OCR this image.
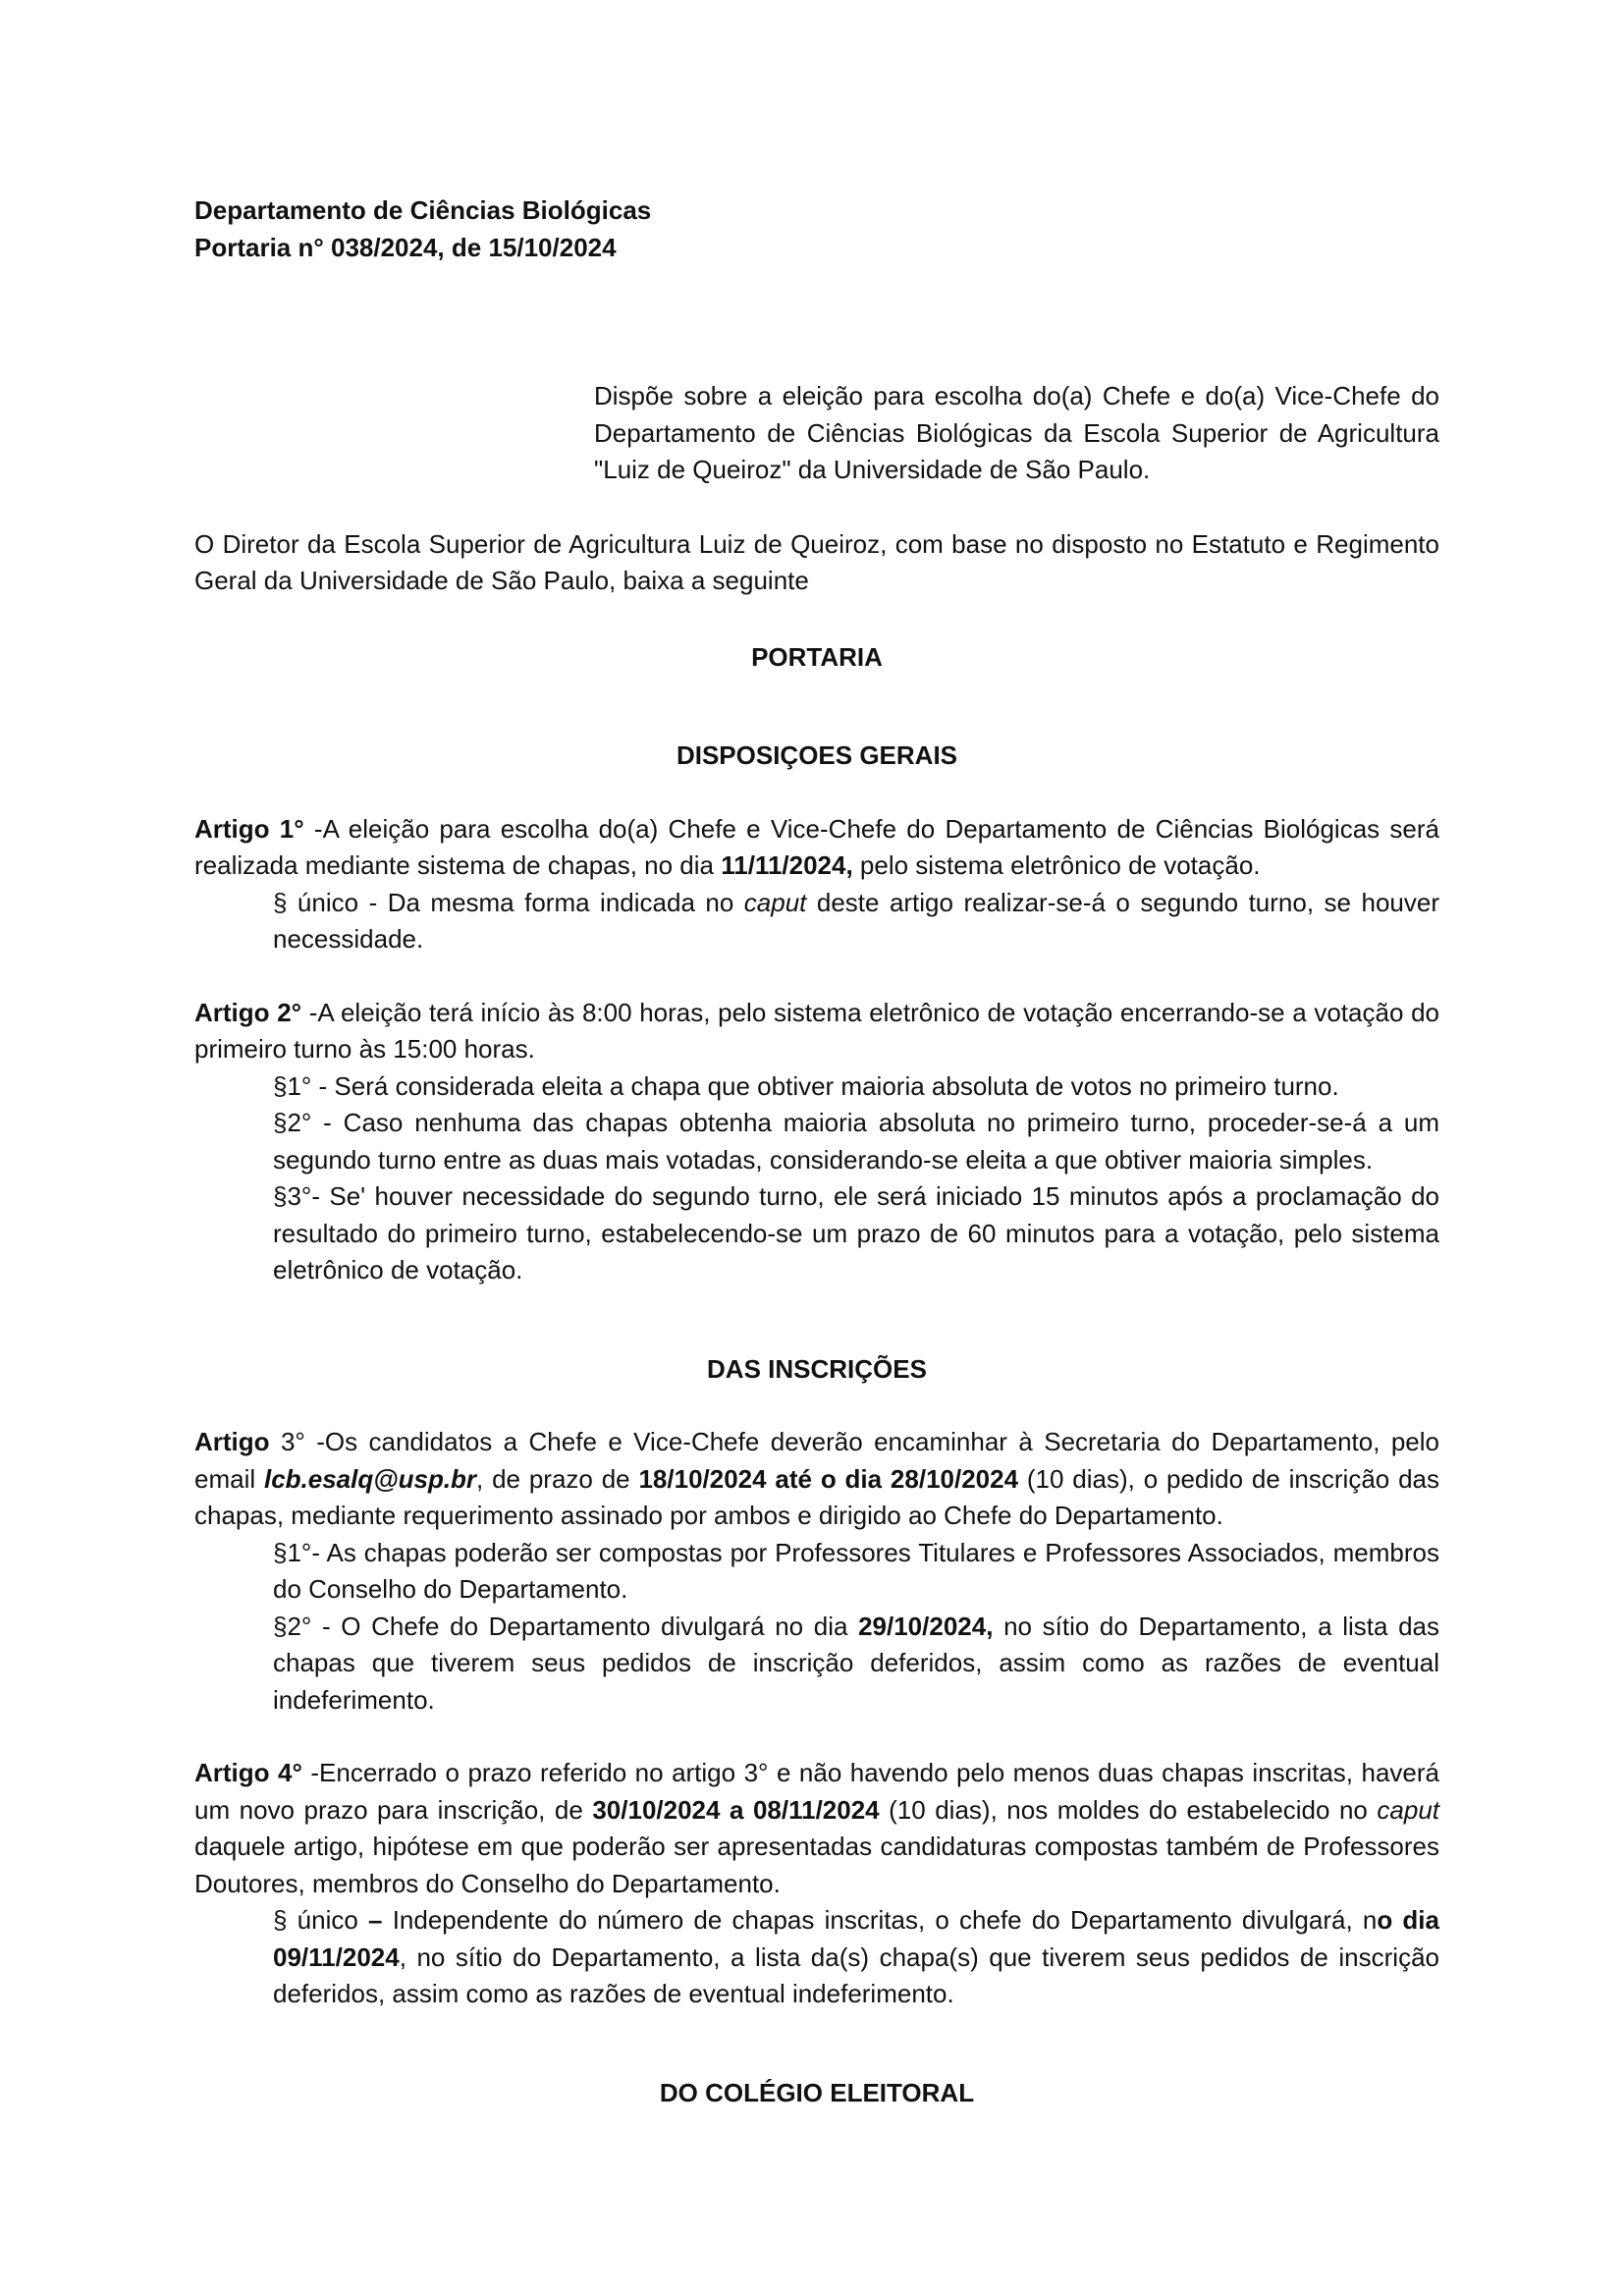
Departamento de Ciências Biológicas
Portaria n° 038/2024, de 15/10/2024
Dispõe sobre a eleição para escolha do(a) Chefe e do(a) Vice-Chefe do Departamento de Ciências Biológicas da Escola Superior de Agricultura "Luiz de Queiroz" da Universidade de São Paulo.
O Diretor da Escola Superior de Agricultura Luiz de Queiroz, com base no disposto no Estatuto e Regimento Geral da Universidade de São Paulo, baixa a seguinte
PORTARIA
DISPOSIÇOES GERAIS
Artigo 1° -A eleição para escolha do(a) Chefe e Vice-Chefe do Departamento de Ciências Biológicas será realizada mediante sistema de chapas, no dia 11/11/2024, pelo sistema eletrônico de votação.
§ único - Da mesma forma indicada no caput deste artigo realizar-se-á o segundo turno, se houver necessidade.
Artigo 2° -A eleição terá início às 8:00 horas, pelo sistema eletrônico de votação encerrando-se a votação do primeiro turno às 15:00 horas.
§1° - Será considerada eleita a chapa que obtiver maioria absoluta de votos no primeiro turno.
§2° - Caso nenhuma das chapas obtenha maioria absoluta no primeiro turno, proceder-se-á a um segundo turno entre as duas mais votadas, considerando-se eleita a que obtiver maioria simples.
§3°- Se' houver necessidade do segundo turno, ele será iniciado 15 minutos após a proclamação do resultado do primeiro turno, estabelecendo-se um prazo de 60 minutos para a votação, pelo sistema eletrônico de votação.
DAS INSCRIÇÕES
Artigo 3° -Os candidatos a Chefe e Vice-Chefe deverão encaminhar à Secretaria do Departamento, pelo email lcb.esalq@usp.br, de prazo de 18/10/2024 até o dia 28/10/2024 (10 dias), o pedido de inscrição das chapas, mediante requerimento assinado por ambos e dirigido ao Chefe do Departamento.
§1°- As chapas poderão ser compostas por Professores Titulares e Professores Associados, membros do Conselho do Departamento.
§2° - O Chefe do Departamento divulgará no dia 29/10/2024, no sítio do Departamento, a lista das chapas que tiverem seus pedidos de inscrição deferidos, assim como as razões de eventual indeferimento.
Artigo 4° -Encerrado o prazo referido no artigo 3° e não havendo pelo menos duas chapas inscritas, haverá um novo prazo para inscrição, de 30/10/2024 a 08/11/2024 (10 dias), nos moldes do estabelecido no caput daquele artigo, hipótese em que poderão ser apresentadas candidaturas compostas também de Professores Doutores, membros do Conselho do Departamento.
§ único – Independente do número de chapas inscritas, o chefe do Departamento divulgará, no dia 09/11/2024, no sítio do Departamento, a lista da(s) chapa(s) que tiverem seus pedidos de inscrição deferidos, assim como as razões de eventual indeferimento.
DO COLÉGIO ELEITORAL
